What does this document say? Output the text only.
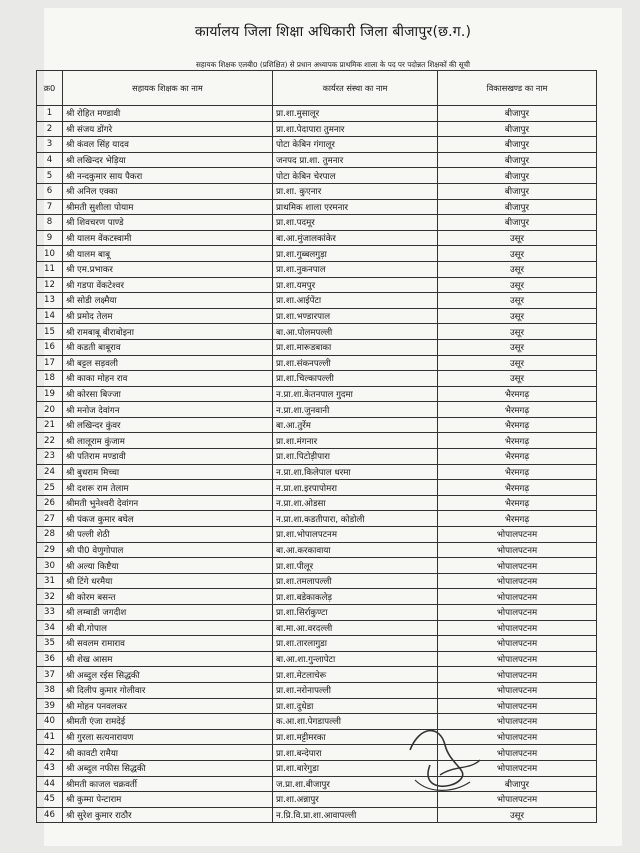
कार्यालय जिला शिक्षा अधिकारी जिला बीजापुर(छ.ग.)
सहायक शिक्षक एलबी0 (प्रशिक्षित) से प्रधान अध्यापक प्राथमिक शाला के पद पर पदोन्नत शिक्षकों की सूची
क्र0	सहायक शिक्षक का नाम	कार्यरत संस्था का नाम	विकासखण्ड का नाम
1	श्री रोहित मण्डावी	प्रा.शा.मुसालूर	बीजापुर
2	श्री संजय डोंगरे	प्रा.शा.पेदापारा तुमनार	बीजापुर
3	श्री कंवल सिंह यादव	पोटा केबिन गंगालूर	बीजापुर
4	श्री लखिन्दर भेड़िया	जनपद प्रा.शा. तुमनार	बीजापुर
5	श्री नन्दकुमार साय पैकरा	पोटा केबिन चेरपाल	बीजापुर
6	श्री अनिल एक्का	प्रा.शा. कुएनार	बीजापुर
7	श्रीमती सुशीला पोयाम	प्राथमिक शाला एरमनार	बीजापुर
8	श्री शिवचरण पाण्डे	प्रा.शा.पदमूर	बीजापुर
9	श्री यालम वेंकटस्वामी	बा.आ.मुंजालकांकेर	उसूर
10	श्री यालम बाबू	प्रा.शा.गुब्बलगुड़ा	उसूर
11	श्री एम.प्रभाकर	प्रा.शा.नुकनपाल	उसूर
12	श्री गडपा वेंकटेश्वर	प्रा.शा.यमपुर	उसूर
13	श्री सोडी लक्ष्मैया	प्रा.शा.आईपेंटा	उसूर
14	श्री प्रमोद तेलम	प्रा.शा.भण्डारपाल	उसूर
15	श्री रामबाबू बीराबोइना	बा.आ.पोलमपल्ली	उसूर
16	श्री कडती बाबूराव	प्रा.शा.मारूडबाका	उसूर
17	श्री बट्टल सड़वली	प्रा.शा.संकनपल्ली	उसूर
18	श्री काका मोहन राव	प्रा.शा.चिल्कापल्ली	उसूर
19	श्री कोरसा बिज्जा	न.प्रा.शा.केतनपाल गुदमा	भैरमगढ़
20	श्री मनोज देवांगन	न.प्रा.शा.जुनवानी	भैरमगढ़
21	श्री लखिन्दर कुंवर	बा.आ.तुर्रेम	भैरमगढ़
22	श्री लालूराम कुंजाम	प्रा.शा.मंगनार	भैरमगढ़
23	श्री पतिराम मण्डावी	प्रा.शा.पिटोड़ीपारा	भैरमगढ़
24	श्री बुधराम मिच्चा	न.प्रा.शा.किलेपाल धरमा	भैरमगढ़
25	श्री दशरू राम तेलाम	न.प्रा.शा.इरपापोमरा	भैरमगढ़
26	श्रीमती भुनेश्वरी देवांगन	न.प्रा.शा.ओडसा	भैरमगढ़
27	श्री पंकज कुमार बघेल	न.प्रा.शा.कडतीपारा, कोडोली	भैरमगढ़
28	श्री पल्ली शेठी	प्रा.शा.भोपालपटनम	भोपालपटनम
29	श्री पी0 वेणुगोपाल	बा.आ.करकावाया	भोपालपटनम
30	श्री अल्या किष्टैया	प्रा.शा.पीलूर	भोपालपटनम
31	श्री टिंगे धरमैया	प्रा.शा.तमलापल्ली	भोपालपटनम
32	श्री कोरम बसन्त	प्रा.शा.बडेकाकलेड़	भोपालपटनम
33	श्री लम्बाडी जगदीश	प्रा.शा.सिर्राकुण्टा	भोपालपटनम
34	श्री बी.गोपाल	बा.मा.आ.वरदल्ली	भोपालपटनम
35	श्री सवलम रामाराव	प्रा.शा.तारलागुडा	भोपालपटनम
36	श्री शेख आसम	बा.आ.शा.गुन्लापेटा	भोपालपटनम
37	श्री अब्दुल रईस सिद्धकी	प्रा.शा.मेटलाचेरू	भोपालपटनम
38	श्री दिलीप कुमार गोलीवार	प्रा.शा.नरोनापल्ली	भोपालपटनम
39	श्री मोहन पनवलकर	प्रा.शा.दुधेडा	भोपालपटनम
40	श्रीमती एंजा रामदेई	क.आ.शा.पेगडापल्ली	भोपालपटनम
41	श्री गुरला सत्यनारायण	प्रा.शा.मट्टीमरका	भोपालपटनम
42	श्री कावटी रामैया	प्रा.शा.बन्देपारा	भोपालपटनम
43	श्री अब्दुल नफीस सिद्धकी	प्रा.शा.बारेगुडा	भोपालपटनम
44	श्रीमती काजल चक्रवर्ती	ज.प्रा.शा.बीजापुर	बीजापुर
45	श्री कुम्मा पेन्टाराम	प्रा.शा.अन्नापुर	भोपालपटनम
46	श्री सुरेश कुमार राठौर	न.प्रि.वि.प्रा.शा.आवापल्ली	उसूर
